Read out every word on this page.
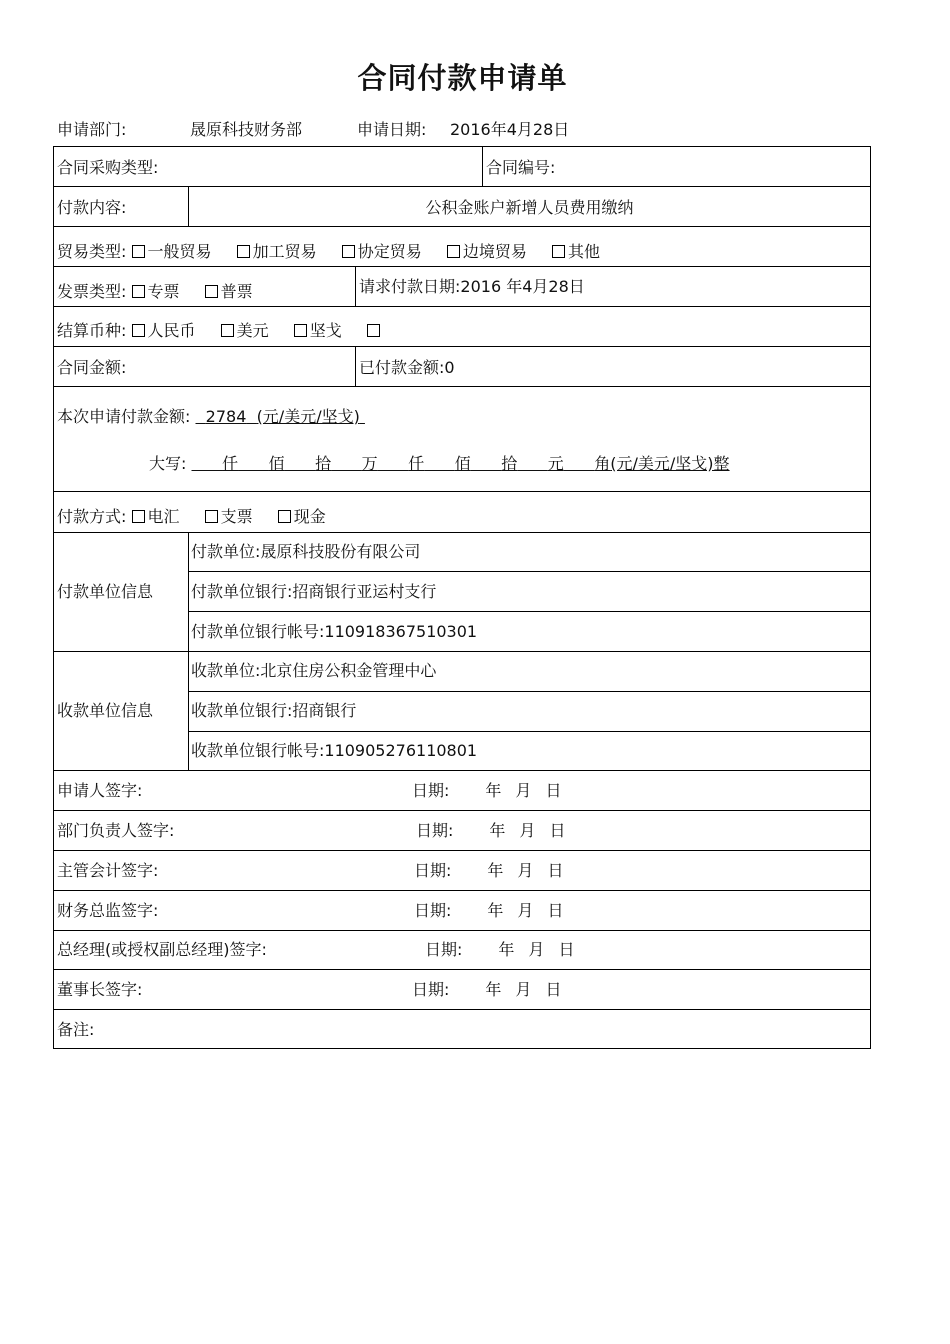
合同付款申请单
申请部门:	晟原科技财务部	申请日期: 2016年4月28日
合同采购类型:	合同编号:
付款内容:	公积金账户新增人员费用缴纳
贸易类型: 一般贸易	加工贸易	协定贸易	边境贸易	其他
发票类型: 专票	普票	请求付款日期:2016 年4月28日
结算币种: 人民币	美元	坚戈
合同金额:	已付款金额:0
本次申请付款金额: 2784 (元/美元/坚戈)
大写: 仟 佰 拾 万 仟 佰 拾 元 角(元/美元/坚戈)整
付款方式: 电汇	支票	现金
付款单位信息
付款单位:晟原科技股份有限公司
付款单位银行:招商银行亚运村支行
付款单位银行帐号:110918367510301
收款单位信息
收款单位:北京住房公积金管理中心
收款单位银行:招商银行
收款单位银行帐号:110905276110801
申请人签字:	日期: 年 月 日
部门负责人签字:	日期: 年 月 日
主管会计签字:	日期: 年 月 日
财务总监签字:	日期: 年 月 日
总经理(或授权副总经理)签字:	日期: 年 月 日
董事长签字:	日期: 年 月 日
备注:
